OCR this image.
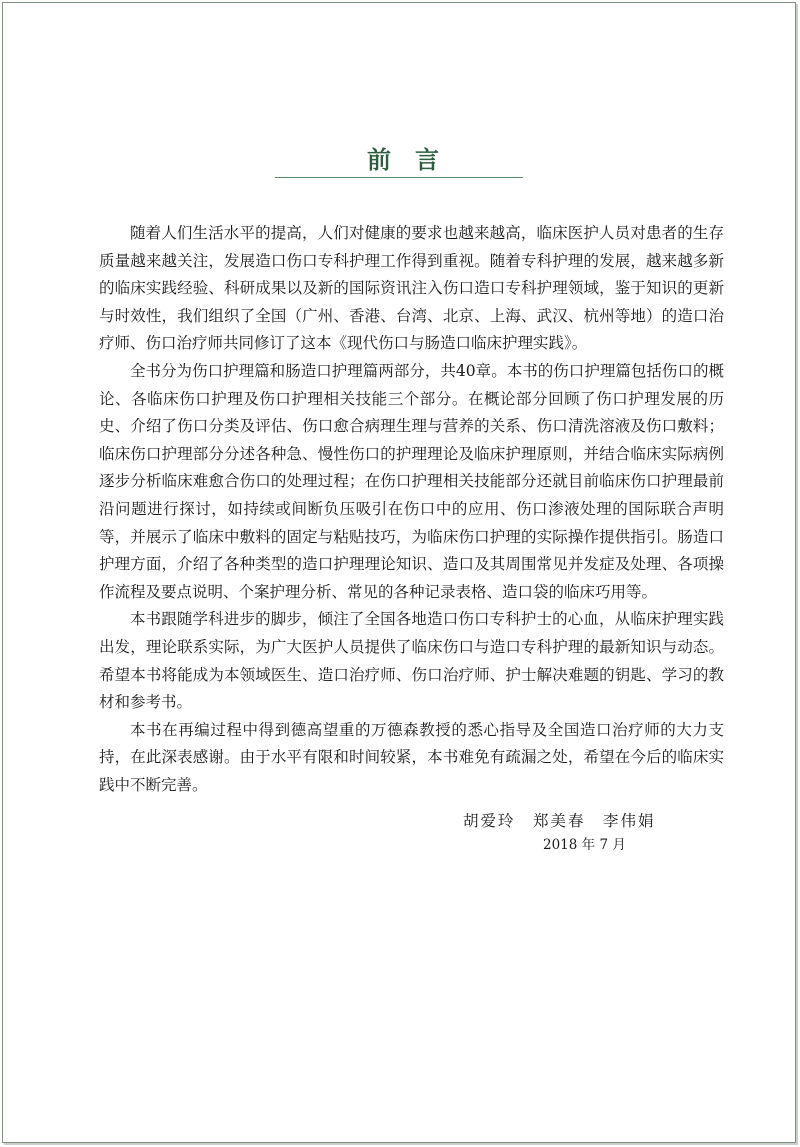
前言

随着人们生活水平的提高，人们对健康的要求也越来越高，临床医护人员对患者的生存质量越来越关注，发展造口伤口专科护理工作得到重视。随着专科护理的发展，越来越多新的临床实践经验、科研成果以及新的国际资讯注入伤口造口专科护理领域，鉴于知识的更新与时效性，我们组织了全国（广州、香港、台湾、北京、上海、武汉、杭州等地）的造口治疗师、伤口治疗师共同修订了这本《现代伤口与肠造口临床护理实践》。

全书分为伤口护理篇和肠造口护理篇两部分，共40章。本书的伤口护理篇包括伤口的概论、各临床伤口护理及伤口护理相关技能三个部分。在概论部分回顾了伤口护理发展的历史、介绍了伤口分类及评估、伤口愈合病理生理与营养的关系、伤口清洗溶液及伤口敷料；临床伤口护理部分分述各种急、慢性伤口的护理理论及临床护理原则，并结合临床实际病例逐步分析临床难愈合伤口的处理过程；在伤口护理相关技能部分还就目前临床伤口护理最前沿问题进行探讨，如持续或间断负压吸引在伤口中的应用、伤口渗液处理的国际联合声明等，并展示了临床中敷料的固定与粘贴技巧，为临床伤口护理的实际操作提供指引。肠造口护理方面，介绍了各种类型的造口护理理论知识、造口及其周围常见并发症及处理、各项操作流程及要点说明、个案护理分析、常见的各种记录表格、造口袋的临床巧用等。

本书跟随学科进步的脚步，倾注了全国各地造口伤口专科护士的心血，从临床护理实践出发，理论联系实际，为广大医护人员提供了临床伤口与造口专科护理的最新知识与动态。希望本书将能成为本领域医生、造口治疗师、伤口治疗师、护士解决难题的钥匙、学习的教材和参考书。

本书在再编过程中得到德高望重的万德森教授的悉心指导及全国造口治疗师的大力支持，在此深表感谢。由于水平有限和时间较紧，本书难免有疏漏之处，希望在今后的临床实践中不断完善。

胡爱玲　郑美春　李伟娟
2018 年 7 月
